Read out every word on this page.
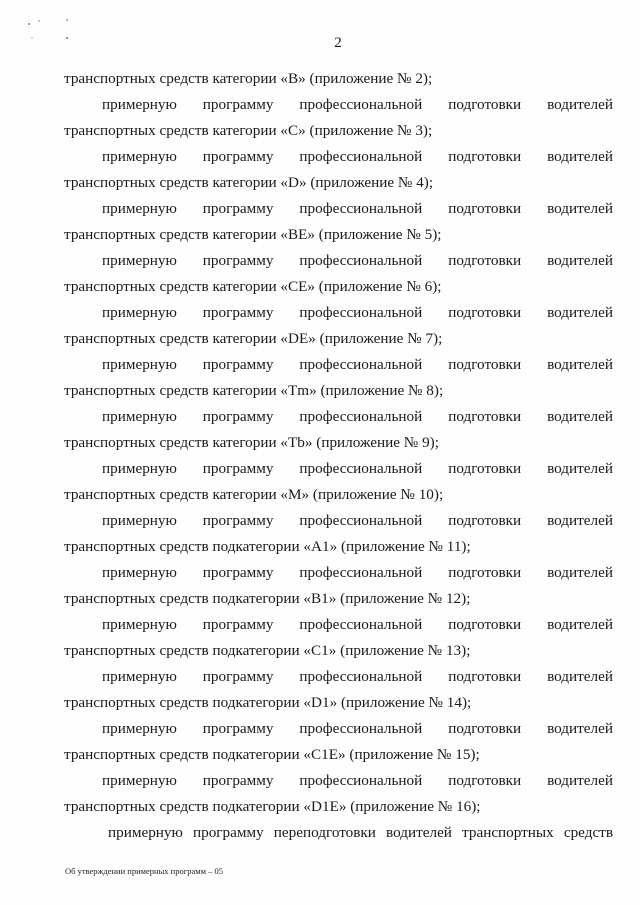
2
транспортных средств категории «B» (приложение № 2);
примерную программу профессиональной подготовки водителей
транспортных средств категории «C» (приложение № 3);
примерную программу профессиональной подготовки водителей
транспортных средств категории «D» (приложение № 4);
примерную программу профессиональной подготовки водителей
транспортных средств категории «BE» (приложение № 5);
примерную программу профессиональной подготовки водителей
транспортных средств категории «CE» (приложение № 6);
примерную программу профессиональной подготовки водителей
транспортных средств категории «DE» (приложение № 7);
примерную программу профессиональной подготовки водителей
транспортных средств категории «Tm» (приложение № 8);
примерную программу профессиональной подготовки водителей
транспортных средств категории «Tb» (приложение № 9);
примерную программу профессиональной подготовки водителей
транспортных средств категории «M» (приложение № 10);
примерную программу профессиональной подготовки водителей
транспортных средств подкатегории «A1» (приложение № 11);
примерную программу профессиональной подготовки водителей
транспортных средств подкатегории «B1» (приложение № 12);
примерную программу профессиональной подготовки водителей
транспортных средств подкатегории «C1» (приложение № 13);
примерную программу профессиональной подготовки водителей
транспортных средств подкатегории «D1» (приложение № 14);
примерную программу профессиональной подготовки водителей
транспортных средств подкатегории «C1E» (приложение № 15);
примерную программу профессиональной подготовки водителей
транспортных средств подкатегории «D1E» (приложение № 16);
примерную программу переподготовки водителей транспортных средств
Об утверждении примерных программ – 05
